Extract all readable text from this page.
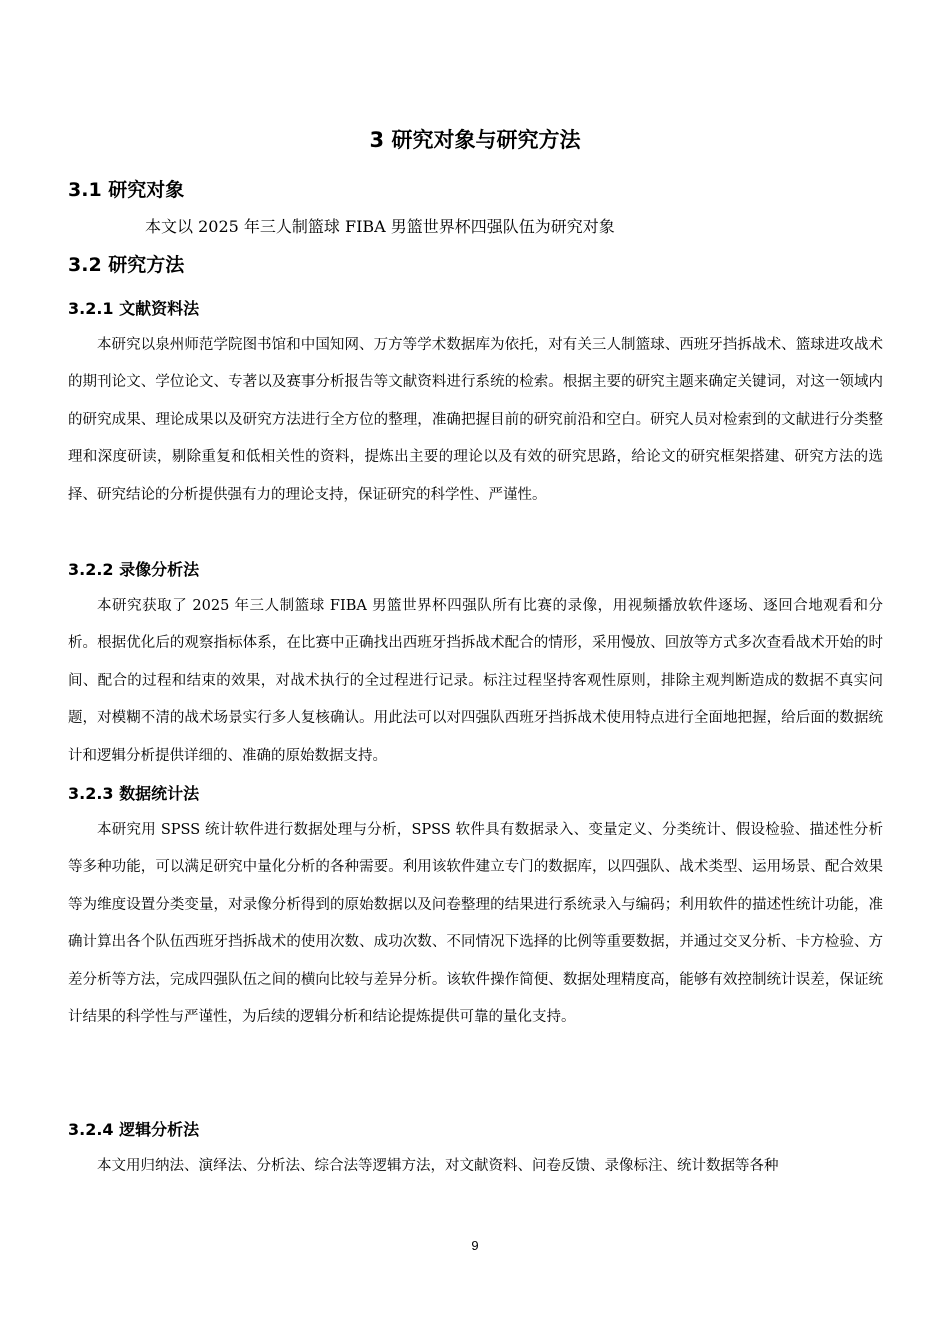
3 研究对象与研究方法
3.1 研究对象
本文以 2025 年三人制篮球 FIBA 男篮世界杯四强队伍为研究对象
3.2 研究方法
3.2.1 文献资料法

本研究以泉州师范学院图书馆和中国知网、万方等学术数据库为依托，对有关三人制篮球、西班牙挡拆战术、篮球进攻战术的期刊论文、学位论文、专著以及赛事分析报告等文献资料进行系统的检索。根据主要的研究主题来确定关键词，对这一领域内的研究成果、理论成果以及研究方法进行全方位的整理，准确把握目前的研究前沿和空白。研究人员对检索到的文献进行分类整理和深度研读，剔除重复和低相关性的资料，提炼出主要的理论以及有效的研究思路，给论文的研究框架搭建、研究方法的选择、研究结论的分析提供强有力的理论支持，保证研究的科学性、严谨性。

3.2.2 录像分析法

本研究获取了 2025 年三人制篮球 FIBA 男篮世界杯四强队所有比赛的录像，用视频播放软件逐场、逐回合地观看和分析。根据优化后的观察指标体系，在比赛中正确找出西班牙挡拆战术配合的情形，采用慢放、回放等方式多次查看战术开始的时间、配合的过程和结束的效果，对战术执行的全过程进行记录。标注过程坚持客观性原则，排除主观判断造成的数据不真实问题，对模糊不清的战术场景实行多人复核确认。用此法可以对四强队西班牙挡拆战术使用特点进行全面地把握，给后面的数据统计和逻辑分析提供详细的、准确的原始数据支持。

3.2.3 数据统计法

本研究用 SPSS 统计软件进行数据处理与分析，SPSS 软件具有数据录入、变量定义、分类统计、假设检验、描述性分析等多种功能，可以满足研究中量化分析的各种需要。利用该软件建立专门的数据库，以四强队、战术类型、运用场景、配合效果等为维度设置分类变量，对录像分析得到的原始数据以及问卷整理的结果进行系统录入与编码；利用软件的描述性统计功能，准确计算出各个队伍西班牙挡拆战术的使用次数、成功次数、不同情况下选择的比例等重要数据，并通过交叉分析、卡方检验、方差分析等方法，完成四强队伍之间的横向比较与差异分析。该软件操作简便、数据处理精度高，能够有效控制统计误差，保证统计结果的科学性与严谨性，为后续的逻辑分析和结论提炼提供可靠的量化支持。

3.2.4 逻辑分析法

本文用归纳法、演绎法、分析法、综合法等逻辑方法，对文献资料、问卷反馈、录像标注、统计数据等各种

9
